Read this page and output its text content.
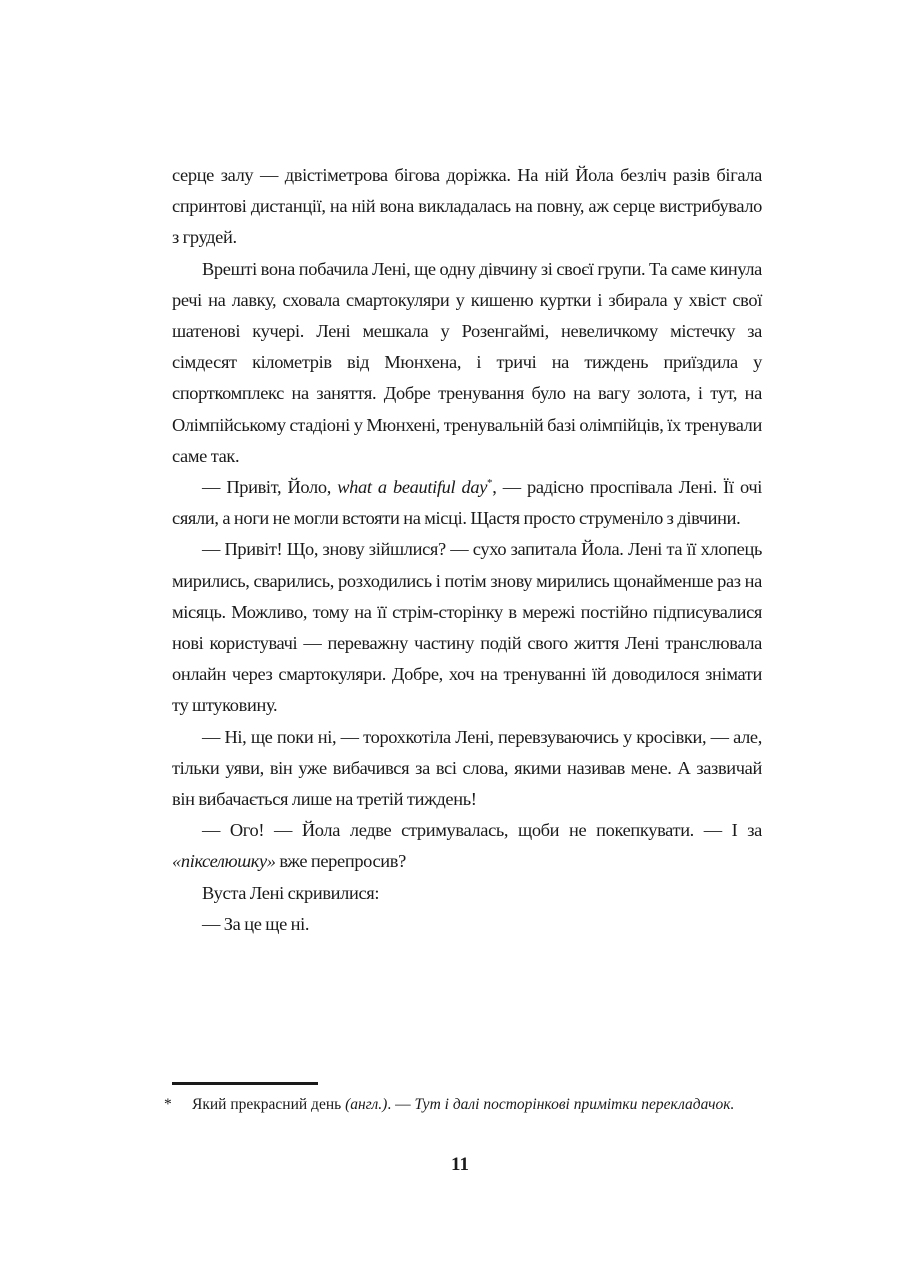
серце залу — двістіметрова бігова доріжка. На ній Йола безліч разів бігала спринтові дистанції, на ній вона викладалась на повну, аж серце вистрибувало з грудей.

Врешті вона побачила Лені, ще одну дівчину зі своєї групи. Та саме кинула речі на лавку, сховала смартокуляри у кишеню куртки і збирала у хвіст свої шатенові кучері. Лені мешкала у Розенгаймі, невеличкому містечку за сімдесят кілометрів від Мюнхена, і тричі на тиждень приїздила у спорткомплекс на заняття. Добре тренування було на вагу золота, і тут, на Олімпійському стадіоні у Мюнхені, тренувальній базі олімпійців, їх тренували саме так.

— Привіт, Йоло, what a beautiful day*, — радісно проспівала Лені. Її очі сяяли, а ноги не могли встояти на місці. Щастя просто струменіло з дівчини.

— Привіт! Що, знову зійшлися? — сухо запитала Йола. Лені та її хлопець мирились, сварились, розходились і потім знову мирились щонайменше раз на місяць. Можливо, тому на її стрім-сторінку в мережі постійно підписувалися нові користувачі — переважну частину подій свого життя Лені транслювала онлайн через смартокуляри. Добре, хоч на тренуванні їй доводилося знімати ту штуковину.

— Ні, ще поки ні, — торохкотіла Лені, перевзуваючись у кросівки, — але, тільки уяви, він уже вибачився за всі слова, якими називав мене. А зазвичай він вибачається лише на третій тиждень!

— Ого! — Йола ледве стримувалась, щоби не покепкувати. — І за «пікселюшку» вже перепросив?

Вуста Лені скривилися:

— За це ще ні.

*	Який прекрасний день (англ.). — Тут і далі посторінкові примітки перекладачок.
11
